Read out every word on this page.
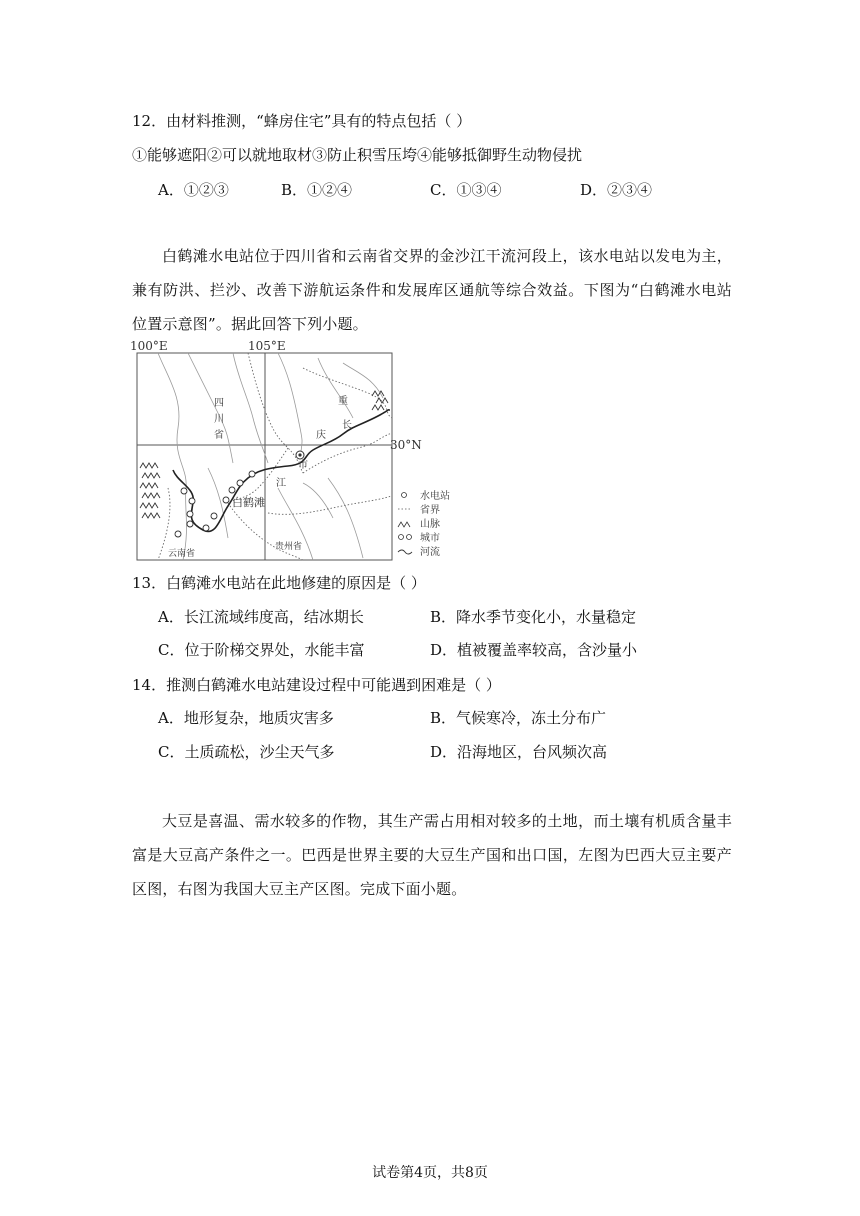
12．由材料推测，“蜂房住宅”具有的特点包括（ ）
①能够遮阳②可以就地取材③防止积雪压垮④能够抵御野生动物侵扰
A．①②③	B．①②④	C．①③④	D．②③④
白鹤滩水电站位于四川省和云南省交界的金沙江干流河段上，该水电站以发电为主，兼有防洪、拦沙、改善下游航运条件和发展库区通航等综合效益。下图为“白鹤滩水电站位置示意图”。据此回答下列小题。
100°E	105°E
30°N
四
川
省
重
长
庆
市
江
白鹤滩
云南省
贵州省
水电站
省界
山脉
城市
河流
13．白鹤滩水电站在此地修建的原因是（ ）
A．长江流域纬度高，结冰期长	B．降水季节变化小，水量稳定
C．位于阶梯交界处，水能丰富	D．植被覆盖率较高，含沙量小
14．推测白鹤滩水电站建设过程中可能遇到困难是（ ）
A．地形复杂，地质灾害多	B．气候寒冷，冻土分布广
C．土质疏松，沙尘天气多	D．沿海地区，台风频次高
大豆是喜温、需水较多的作物，其生产需占用相对较多的土地，而土壤有机质含量丰富是大豆高产条件之一。巴西是世界主要的大豆生产国和出口国，左图为巴西大豆主要产区图，右图为我国大豆主产区图。完成下面小题。
试卷第4页，共8页
